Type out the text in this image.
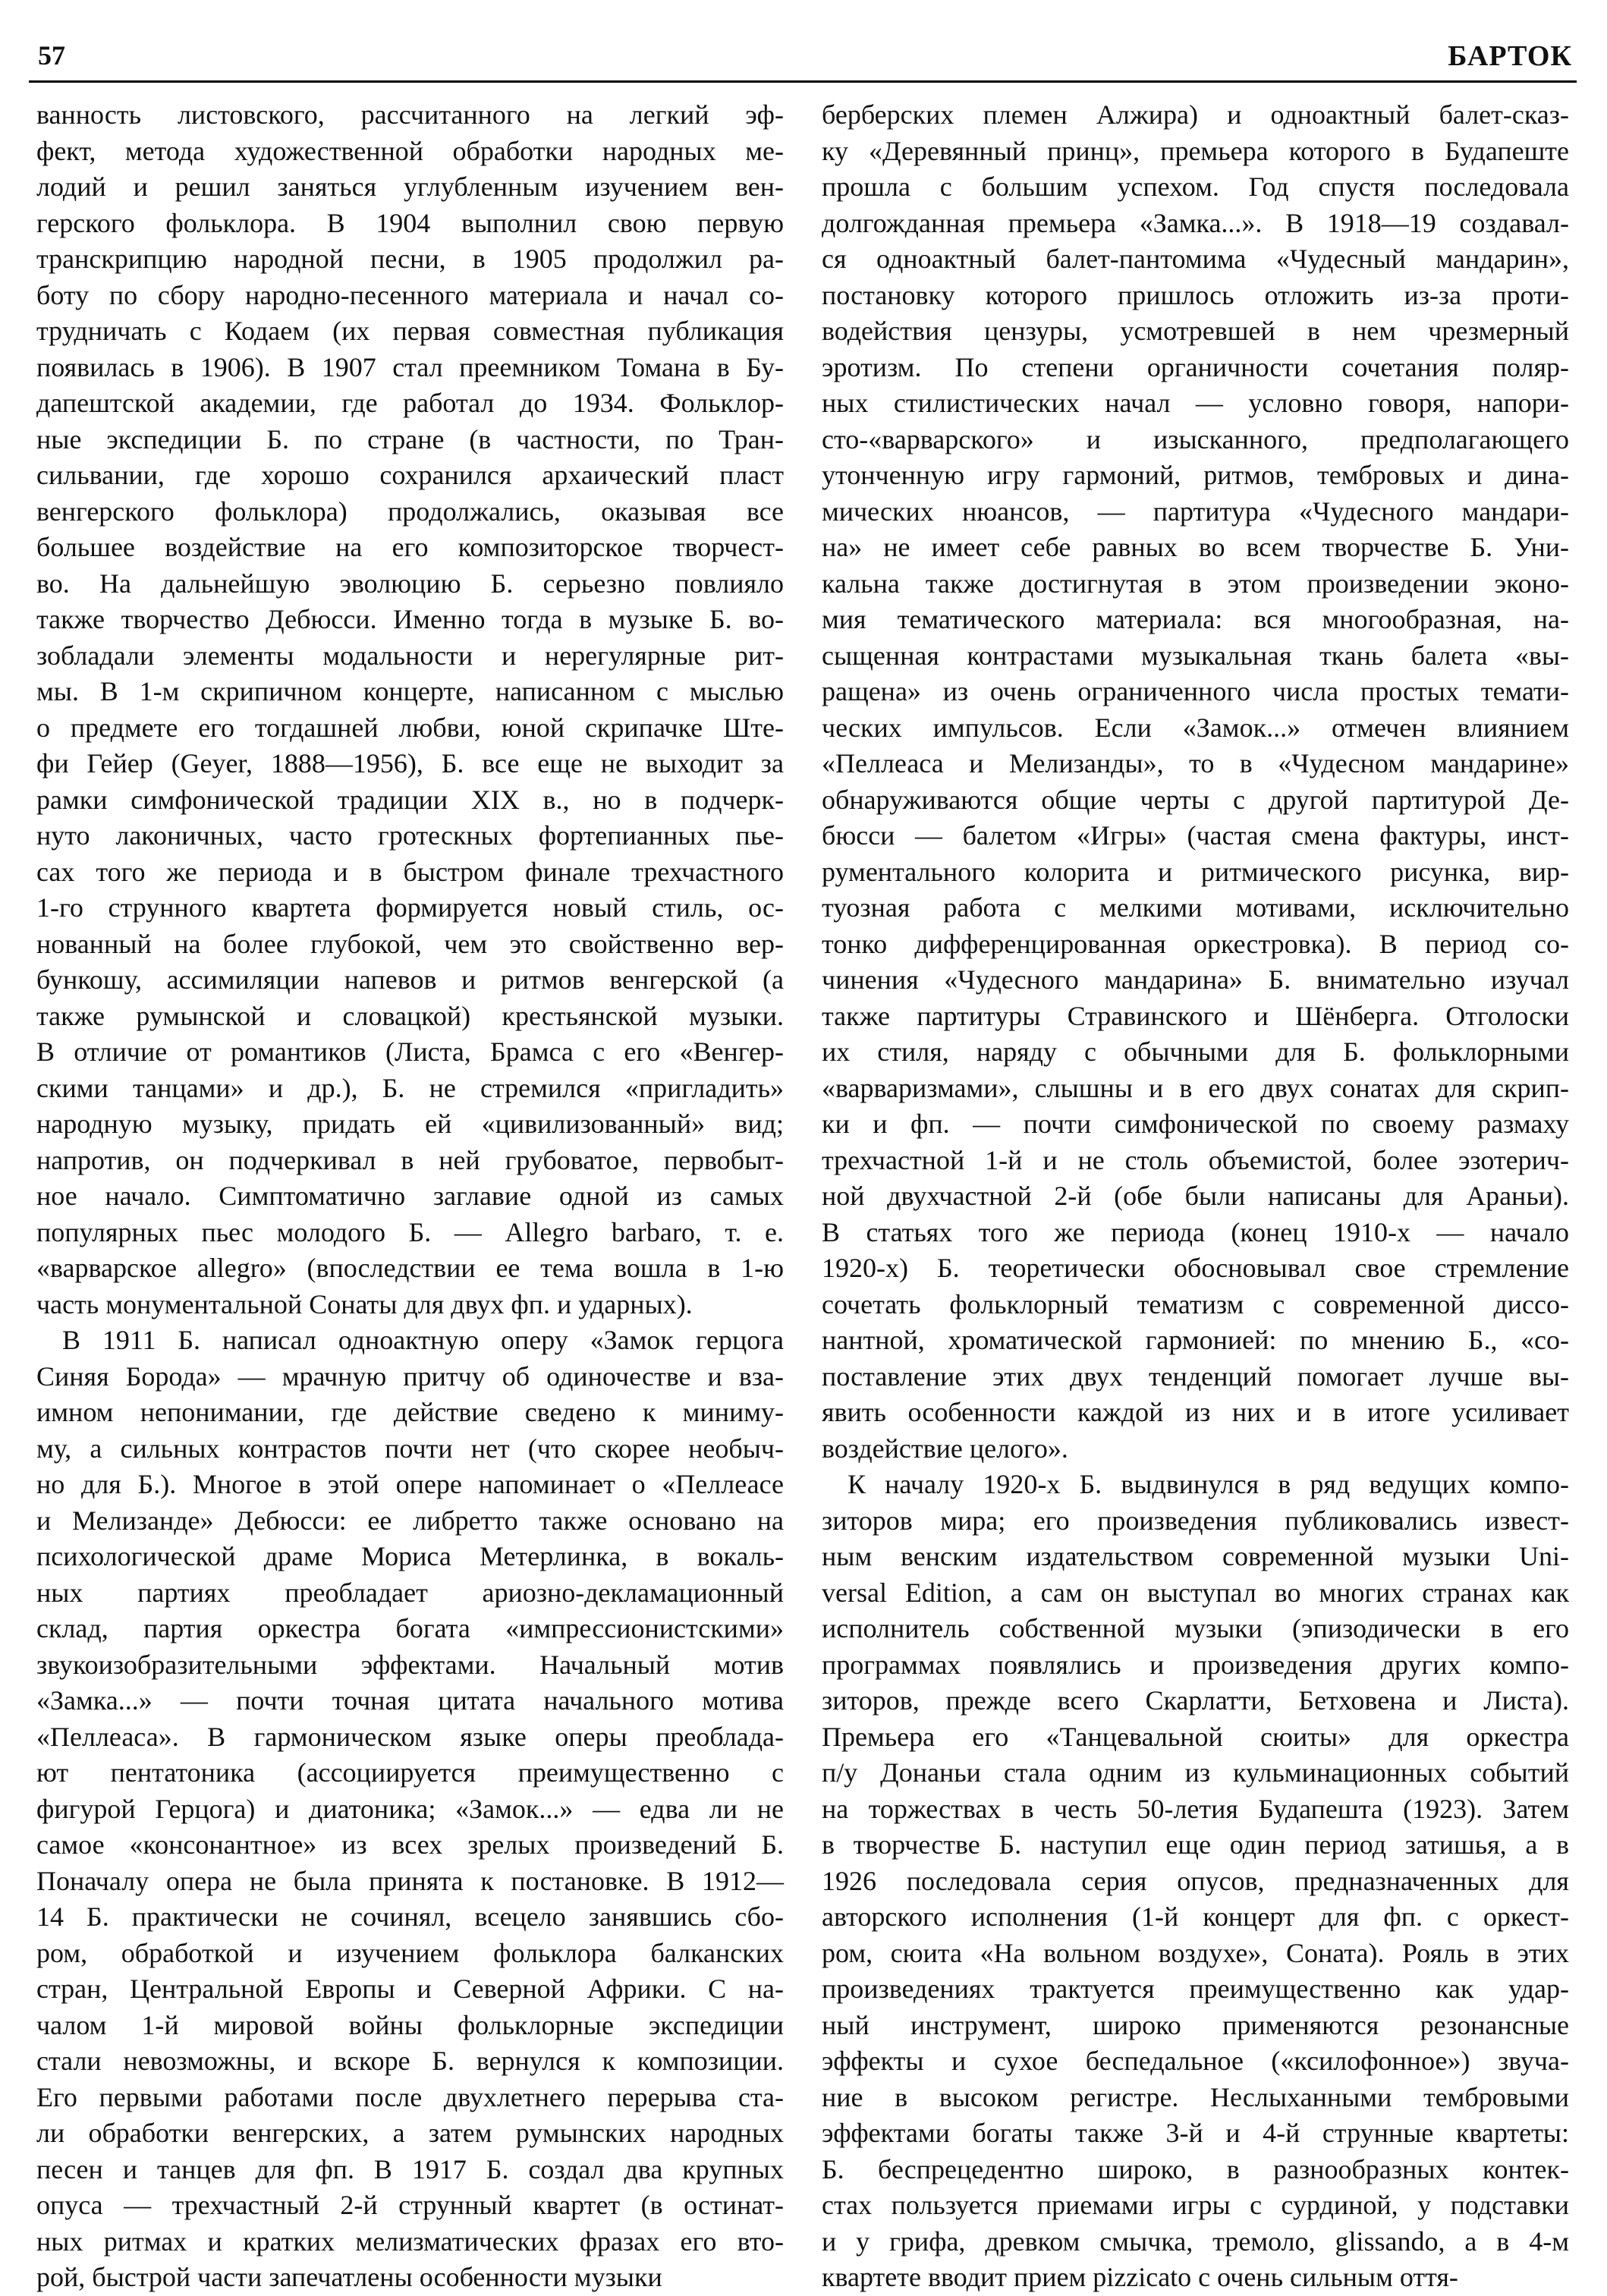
57	БАРТОК
ванность листовского, рассчитанного на легкий эф-
фект, метода художественной обработки народных ме-
лодий и решил заняться углубленным изучением вен-
герского фольклора. В 1904 выполнил свою первую
транскрипцию народной песни, в 1905 продолжил ра-
боту по сбору народно-песенного материала и начал со-
трудничать с Кодаем (их первая совместная публикация
появилась в 1906). В 1907 стал преемником Томана в Бу-
дапештской академии, где работал до 1934. Фольклор-
ные экспедиции Б. по стране (в частности, по Тран-
сильвании, где хорошо сохранился архаический пласт
венгерского фольклора) продолжались, оказывая все
большее воздействие на его композиторское творчест-
во. На дальнейшую эволюцию Б. серьезно повлияло
также творчество Дебюсси. Именно тогда в музыке Б. во-
зобладали элементы модальности и нерегулярные рит-
мы. В 1-м скрипичном концерте, написанном с мыслью
о предмете его тогдашней любви, юной скрипачке Ште-
фи Гейер (Geyer, 1888—1956), Б. все еще не выходит за
рамки симфонической традиции XIX в., но в подчерк-
нуто лаконичных, часто гротескных фортепианных пье-
сах того же периода и в быстром финале трехчастного
1-го струнного квартета формируется новый стиль, ос-
нованный на более глубокой, чем это свойственно вер-
бункошу, ассимиляции напевов и ритмов венгерской (а
также румынской и словацкой) крестьянской музыки.
В отличие от романтиков (Листа, Брамса с его «Венгер-
скими танцами» и др.), Б. не стремился «пригладить»
народную музыку, придать ей «цивилизованный» вид;
напротив, он подчеркивал в ней грубоватое, первобыт-
ное начало. Симптоматично заглавие одной из самых
популярных пьес молодого Б. — Allegro barbaro, т. е.
«варварское allegro» (впоследствии ее тема вошла в 1-ю
часть монументальной Сонаты для двух фп. и ударных).
В 1911 Б. написал одноактную оперу «Замок герцога
Синяя Борода» — мрачную притчу об одиночестве и вза-
имном непонимании, где действие сведено к миниму-
му, а сильных контрастов почти нет (что скорее необыч-
но для Б.). Многое в этой опере напоминает о «Пеллеасе
и Мелизанде» Дебюсси: ее либретто также основано на
психологической драме Мориса Метерлинка, в вокаль-
ных партиях преобладает ариозно-декламационный
склад, партия оркестра богата «импрессионистскими»
звукоизобразительными эффектами. Начальный мотив
«Замка...» — почти точная цитата начального мотива
«Пеллеаса». В гармоническом языке оперы преоблада-
ют пентатоника (ассоциируется преимущественно с
фигурой Герцога) и диатоника; «Замок...» — едва ли не
самое «консонантное» из всех зрелых произведений Б.
Поначалу опера не была принята к постановке. В 1912—
14 Б. практически не сочинял, всецело занявшись сбо-
ром, обработкой и изучением фольклора балканских
стран, Центральной Европы и Северной Африки. С на-
чалом 1-й мировой войны фольклорные экспедиции
стали невозможны, и вскоре Б. вернулся к композиции.
Его первыми работами после двухлетнего перерыва ста-
ли обработки венгерских, а затем румынских народных
песен и танцев для фп. В 1917 Б. создал два крупных
опуса — трехчастный 2-й струнный квартет (в остинат-
ных ритмах и кратких мелизматических фразах его вто-
рой, быстрой части запечатлены особенности музыки
берберских племен Алжира) и одноактный балет-сказ-
ку «Деревянный принц», премьера которого в Будапеште
прошла с большим успехом. Год спустя последовала
долгожданная премьера «Замка...». В 1918—19 создавал-
ся одноактный балет-пантомима «Чудесный мандарин»,
постановку которого пришлось отложить из-за проти-
водействия цензуры, усмотревшей в нем чрезмерный
эротизм. По степени органичности сочетания поляр-
ных стилистических начал — условно говоря, напори-
сто-«варварского» и изысканного, предполагающего
утонченную игру гармоний, ритмов, тембровых и дина-
мических нюансов, — партитура «Чудесного мандари-
на» не имеет себе равных во всем творчестве Б. Уни-
кальна также достигнутая в этом произведении эконо-
мия тематического материала: вся многообразная, на-
сыщенная контрастами музыкальная ткань балета «вы-
ращена» из очень ограниченного числа простых темати-
ческих импульсов. Если «Замок...» отмечен влиянием
«Пеллеаса и Мелизанды», то в «Чудесном мандарине»
обнаруживаются общие черты с другой партитурой Де-
бюсси — балетом «Игры» (частая смена фактуры, инст-
рументального колорита и ритмического рисунка, вир-
туозная работа с мелкими мотивами, исключительно
тонко дифференцированная оркестровка). В период со-
чинения «Чудесного мандарина» Б. внимательно изучал
также партитуры Стравинского и Шёнберга. Отголоски
их стиля, наряду с обычными для Б. фольклорными
«варваризмами», слышны и в его двух сонатах для скрип-
ки и фп. — почти симфонической по своему размаху
трехчастной 1-й и не столь объемистой, более эзотерич-
ной двухчастной 2-й (обе были написаны для Араньи).
В статьях того же периода (конец 1910-х — начало
1920-х) Б. теоретически обосновывал свое стремление
сочетать фольклорный тематизм с современной диссо-
нантной, хроматической гармонией: по мнению Б., «со-
поставление этих двух тенденций помогает лучше вы-
явить особенности каждой из них и в итоге усиливает
воздействие целого».
К началу 1920-х Б. выдвинулся в ряд ведущих компо-
зиторов мира; его произведения публиковались извест-
ным венским издательством современной музыки Uni-
versal Edition, а сам он выступал во многих странах как
исполнитель собственной музыки (эпизодически в его
программах появлялись и произведения других компо-
зиторов, прежде всего Скарлатти, Бетховена и Листа).
Премьера его «Танцевальной сюиты» для оркестра
п/у Донаньи стала одним из кульминационных событий
на торжествах в честь 50-летия Будапешта (1923). Затем
в творчестве Б. наступил еще один период затишья, а в
1926 последовала серия опусов, предназначенных для
авторского исполнения (1-й концерт для фп. с оркест-
ром, сюита «На вольном воздухе», Соната). Рояль в этих
произведениях трактуется преимущественно как удар-
ный инструмент, широко применяются резонансные
эффекты и сухое беспедальное («ксилофонное») звуча-
ние в высоком регистре. Неслыханными тембровыми
эффектами богаты также 3-й и 4-й струнные квартеты:
Б. беспрецедентно широко, в разнообразных контек-
стах пользуется приемами игры с сурдиной, у подставки
и у грифа, древком смычка, тремоло, glissando, а в 4-м
квартете вводит прием pizzicato с очень сильным оття-
